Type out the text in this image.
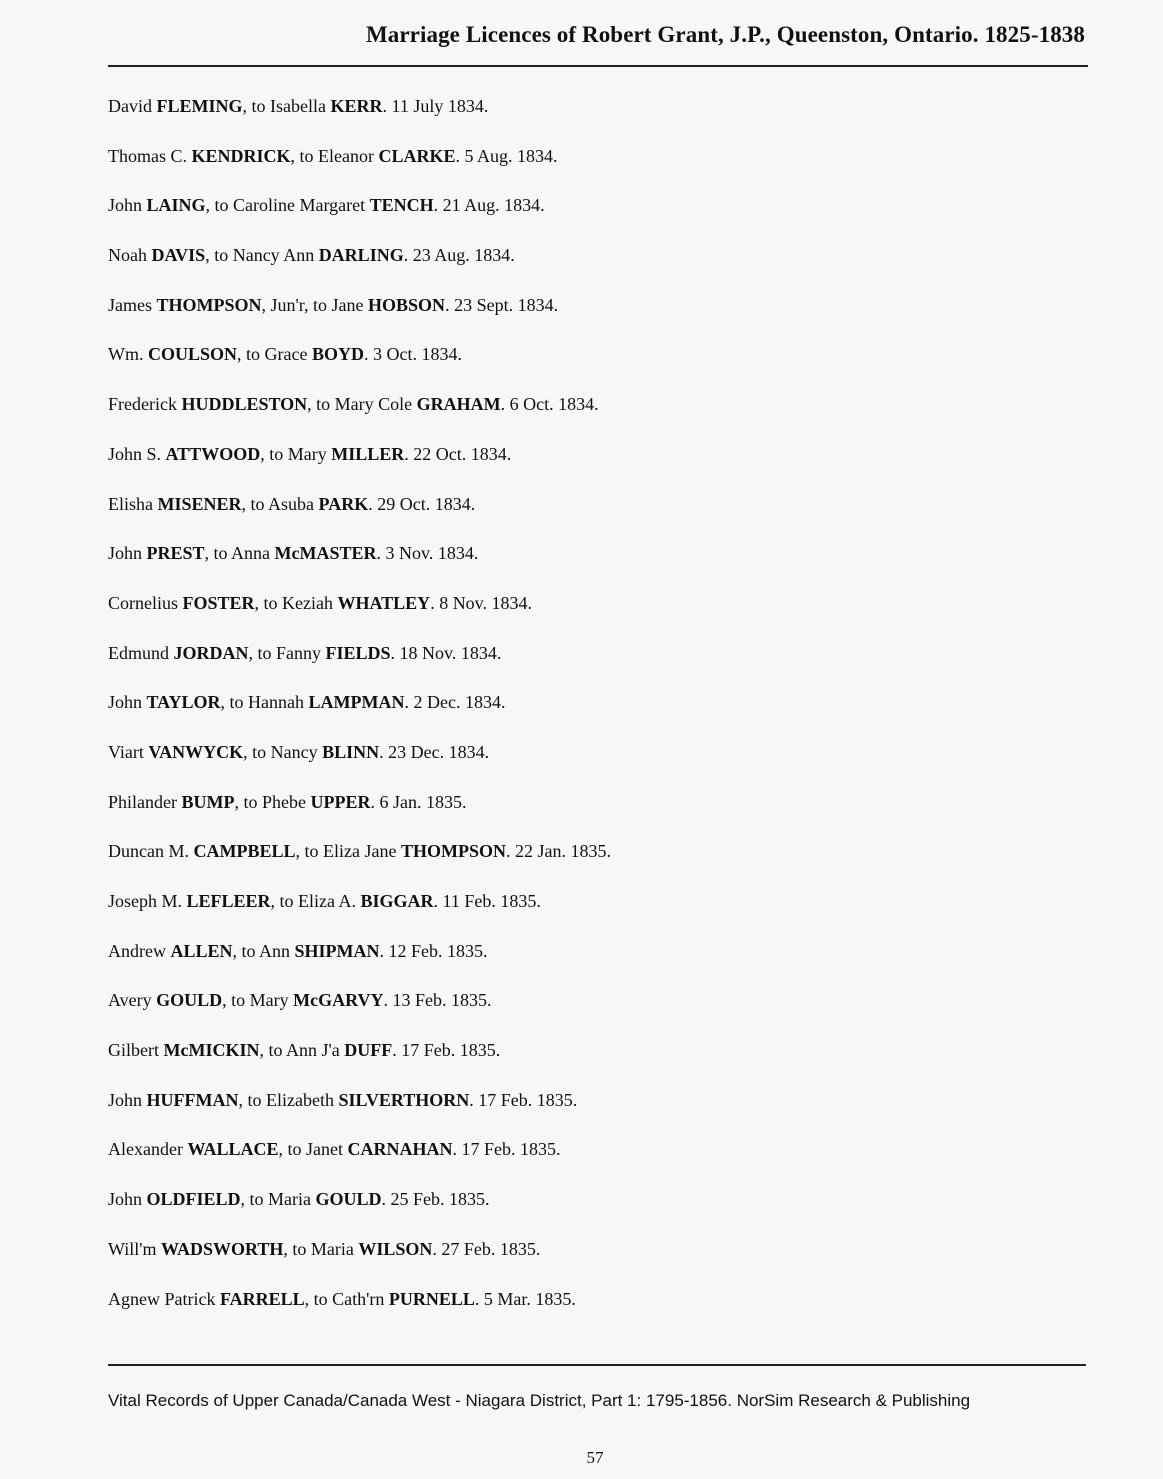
Marriage Licences of Robert Grant, J.P., Queenston, Ontario. 1825-1838
David FLEMING, to Isabella KERR. 11 July 1834.
Thomas C. KENDRICK, to Eleanor CLARKE. 5 Aug. 1834.
John LAING, to Caroline Margaret TENCH. 21 Aug. 1834.
Noah DAVIS, to Nancy Ann DARLING. 23 Aug. 1834.
James THOMPSON, Jun'r, to Jane HOBSON. 23 Sept. 1834.
Wm. COULSON, to Grace BOYD. 3 Oct. 1834.
Frederick HUDDLESTON, to Mary Cole GRAHAM. 6 Oct. 1834.
John S. ATTWOOD, to Mary MILLER. 22 Oct. 1834.
Elisha MISENER, to Asuba PARK. 29 Oct. 1834.
John PREST, to Anna McMASTER. 3 Nov. 1834.
Cornelius FOSTER, to Keziah WHATLEY. 8 Nov. 1834.
Edmund JORDAN, to Fanny FIELDS. 18 Nov. 1834.
John TAYLOR, to Hannah LAMPMAN. 2 Dec. 1834.
Viart VANWYCK, to Nancy BLINN. 23 Dec. 1834.
Philander BUMP, to Phebe UPPER. 6 Jan. 1835.
Duncan M. CAMPBELL, to Eliza Jane THOMPSON. 22 Jan. 1835.
Joseph M. LEFLEER, to Eliza A. BIGGAR. 11 Feb. 1835.
Andrew ALLEN, to Ann SHIPMAN. 12 Feb. 1835.
Avery GOULD, to Mary McGARVY. 13 Feb. 1835.
Gilbert McMICKIN, to Ann J'a DUFF. 17 Feb. 1835.
John HUFFMAN, to Elizabeth SILVERTHORN. 17 Feb. 1835.
Alexander WALLACE, to Janet CARNAHAN. 17 Feb. 1835.
John OLDFIELD, to Maria GOULD. 25 Feb. 1835.
Will'm WADSWORTH, to Maria WILSON. 27 Feb. 1835.
Agnew Patrick FARRELL, to Cath'rn PURNELL. 5 Mar. 1835.
Vital Records of Upper Canada/Canada West - Niagara District, Part 1: 1795-1856. NorSim Research & Publishing
57
